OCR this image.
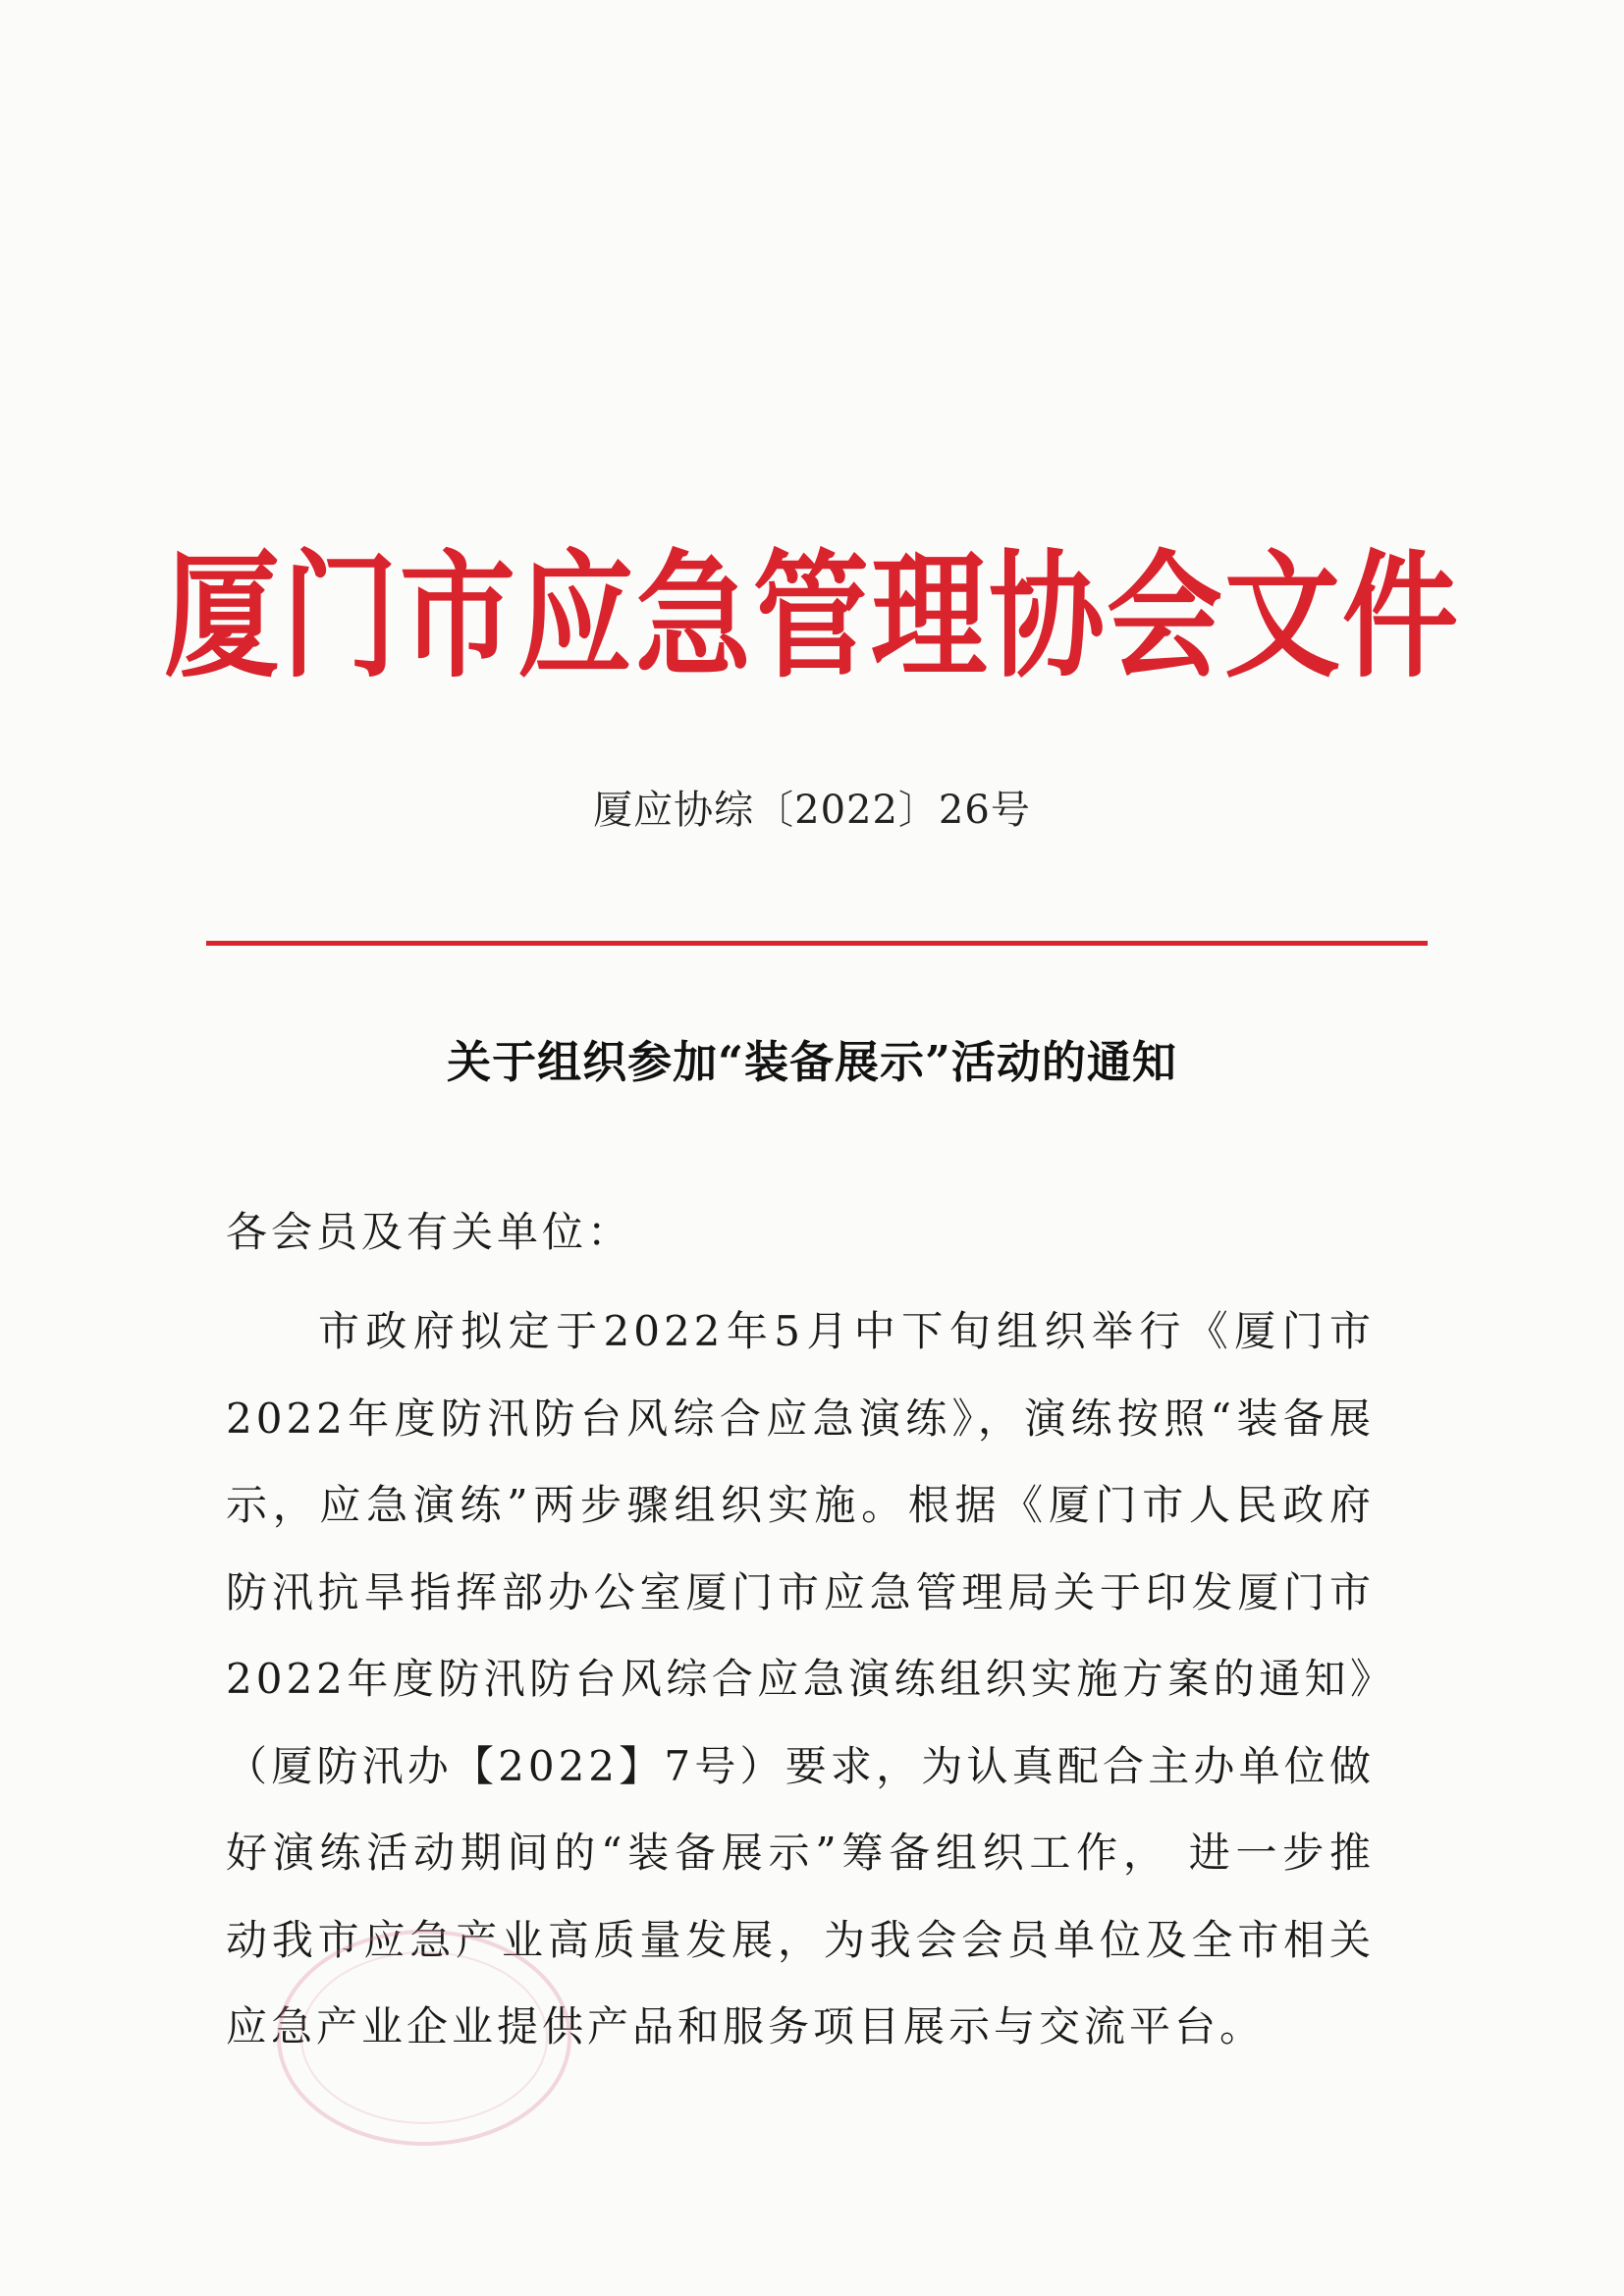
厦门市应急管理协会文件
厦应协综〔2022〕26号
关于组织参加“装备展示”活动的通知
各会员及有关单位：

市政府拟定于2022年5月中下旬组织举行《厦门市2022年度防汛防台风综合应急演练》，演练按照“装备展示，应急演练”两步骤组织实施。根据《厦门市人民政府防汛抗旱指挥部办公室厦门市应急管理局关于印发厦门市2022年度防汛防台风综合应急演练组织实施方案的通知》（厦防汛办【2022】7号）要求，为认真配合主办单位做好演练活动期间的“装备展示”筹备组织工作， 进一步推动我市应急产业高质量发展，为我会会员单位及全市相关应急产业企业提供产品和服务项目展示与交流平台。
